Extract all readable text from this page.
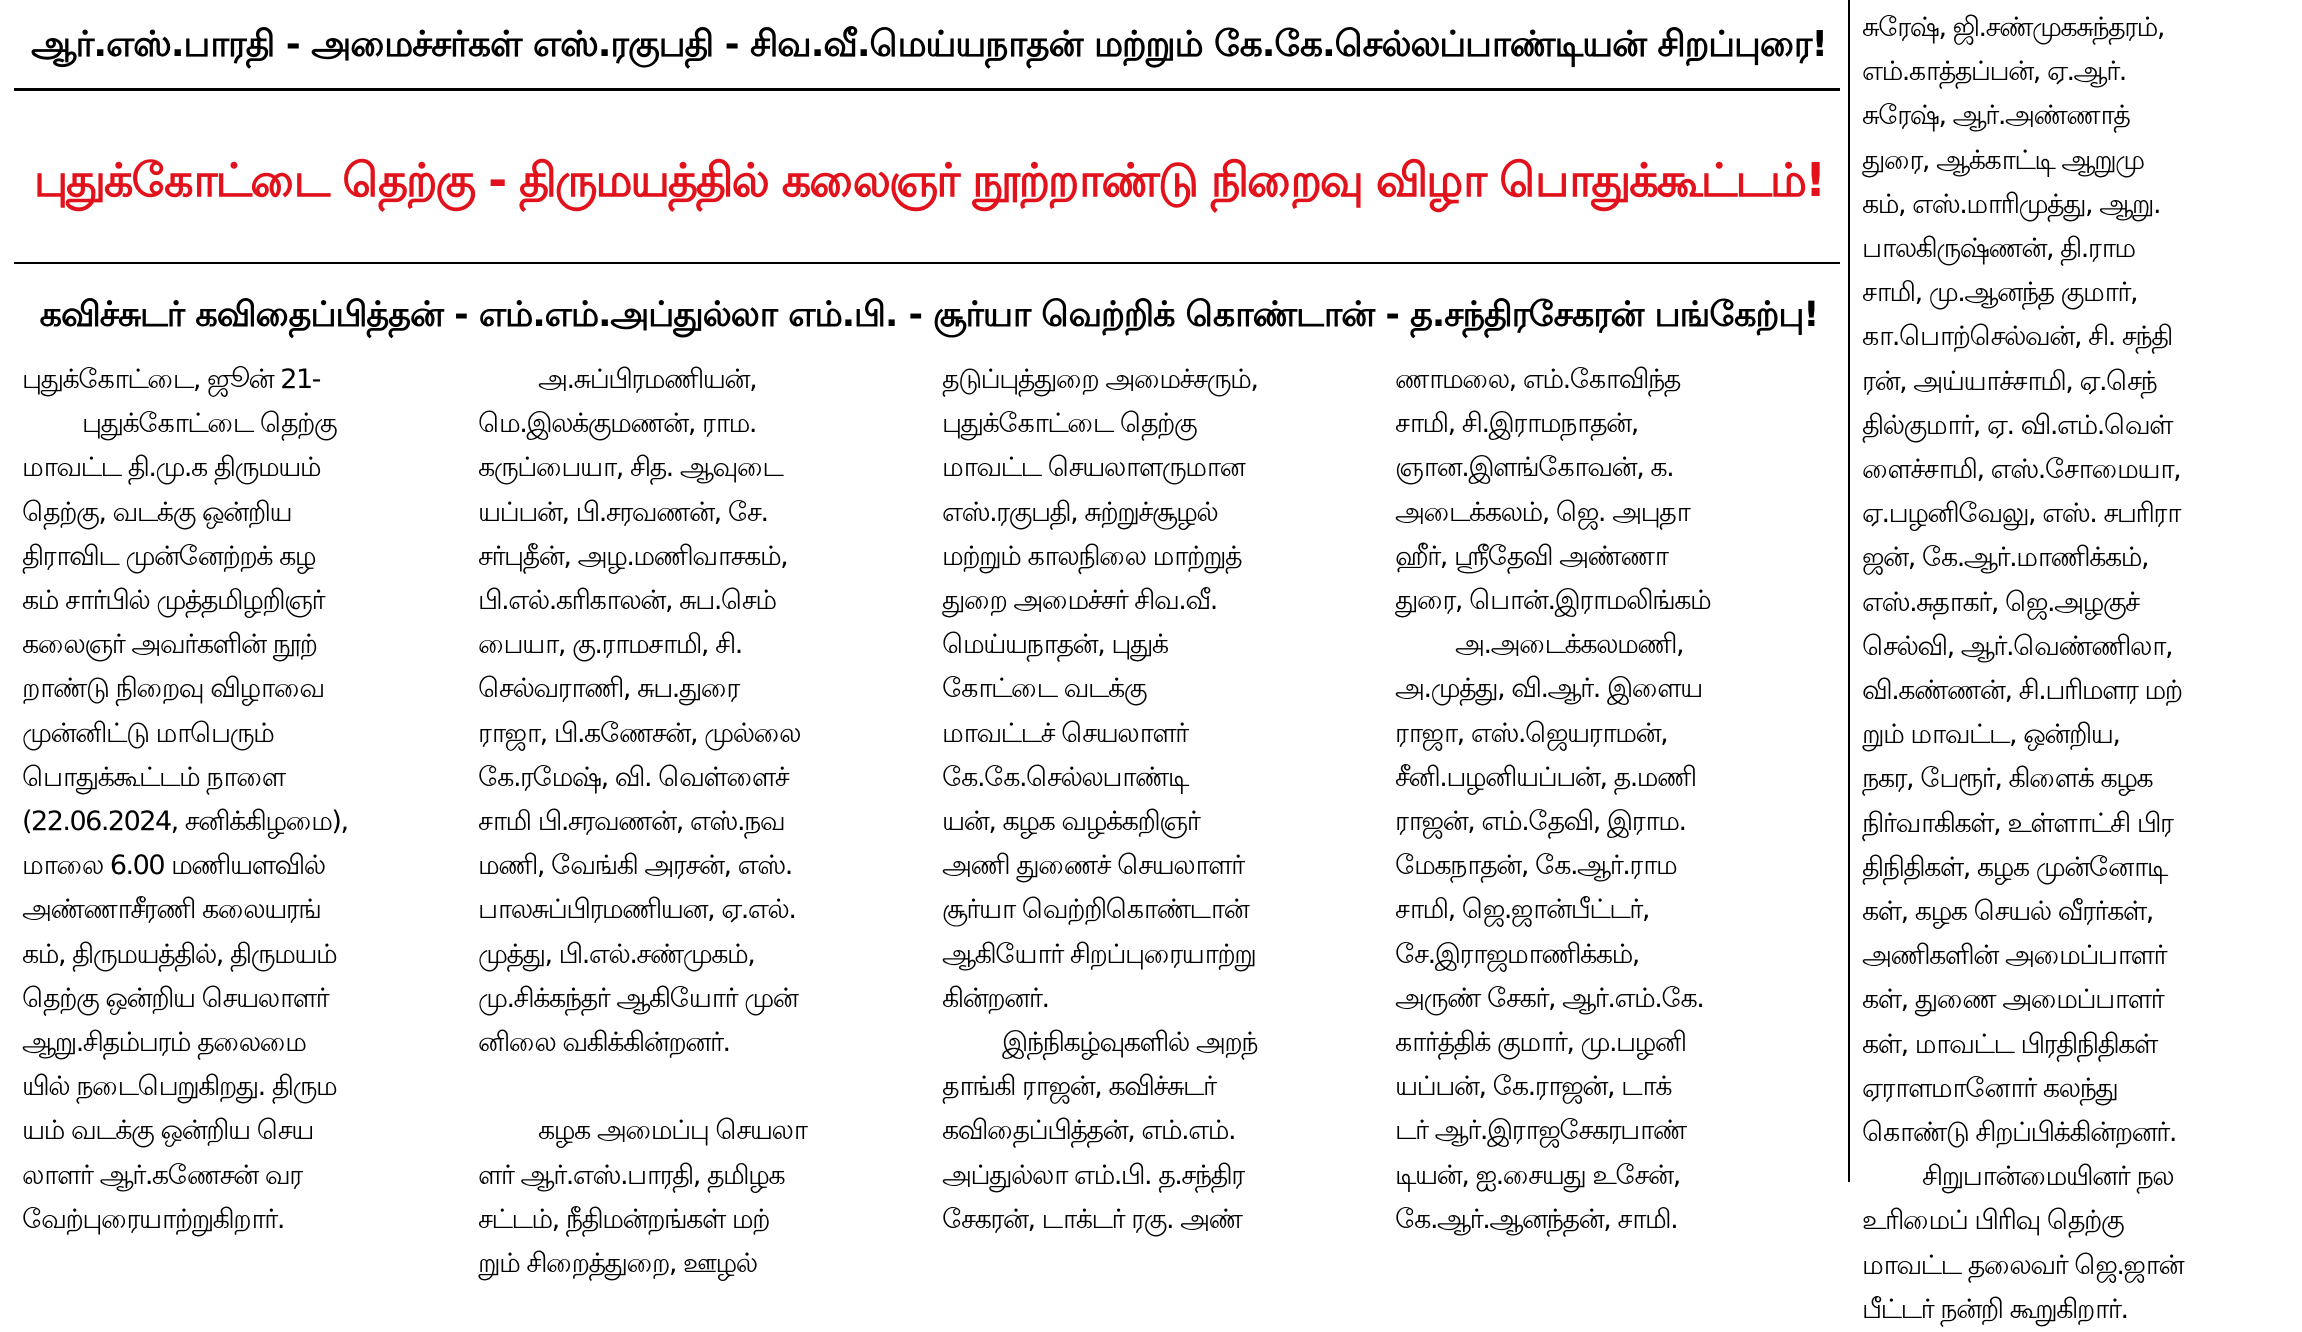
ஆர்.எஸ்.பாரதி - அமைச்சர்கள் எஸ்.ரகுபதி - சிவ.வீ.மெய்யநாதன் மற்றும் கே.கே.செல்லப்பாண்டியன் சிறப்புரை!
புதுக்கோட்டை தெற்கு - திருமயத்தில் கலைஞர் நூற்றாண்டு நிறைவு விழா பொதுக்கூட்டம்!
கவிச்சுடர் கவிதைப்பித்தன் - எம்.எம்.அப்துல்லா எம்.பி. - சூர்யா வெற்றிக் கொண்டான் - த.சந்திரசேகரன் பங்கேற்பு!
புதுக்கோட்டை, ஜூன் 21-
புதுக்கோட்டை தெற்கு
மாவட்ட தி.மு.க திருமயம்
தெற்கு, வடக்கு ஒன்றிய
திராவிட முன்னேற்றக் கழ
கம் சார்பில் முத்தமிழறிஞர்
கலைஞர் அவர்களின் நூற்
றாண்டு நிறைவு விழாவை
முன்னிட்டு மாபெரும்
பொதுக்கூட்டம் நாளை
(22.06.2024, சனிக்கிழமை),
மாலை 6.00 மணியளவில்
அண்ணாசீரணி கலையரங்
கம், திருமயத்தில், திருமயம்
தெற்கு ஒன்றிய செயலாளர்
ஆறு.சிதம்பரம் தலைமை
யில் நடைபெறுகிறது. திரும
யம் வடக்கு ஒன்றிய செய
லாளர் ஆர்.கணேசன் வர
வேற்புரையாற்றுகிறார்.
அ.சுப்பிரமணியன்,
மெ.இலக்குமணன், ராம.
கருப்பையா, சித. ஆவுடை
யப்பன், பி.சரவணன், சே.
சர்புதீன், அழ.மணிவாசகம்,
பி.எல்.கரிகாலன், சுப.செம்
பையா, கு.ராமசாமி, சி.
செல்வராணி, சுப.துரை
ராஜா, பி.கணேசன், முல்லை
கே.ரமேஷ், வி. வெள்ளைச்
சாமி பி.சரவணன், எஸ்.நவ
மணி, வேங்கி அரசன், எஸ்.
பாலசுப்பிரமணியன, ஏ.எல்.
முத்து, பி.எல்.சண்முகம்,
மு.சிக்கந்தர் ஆகியோர் முன்
னிலை வகிக்கின்றனர்.

கழக அமைப்பு செயலா
ளர் ஆர்.எஸ்.பாரதி, தமிழக
சட்டம், நீதிமன்றங்கள் மற்
றும் சிறைத்துறை, ஊழல்
தடுப்புத்துறை அமைச்சரும்,
புதுக்கோட்டை தெற்கு
மாவட்ட செயலாளருமான
எஸ்.ரகுபதி, சுற்றுச்சூழல்
மற்றும் காலநிலை மாற்றுத்
துறை அமைச்சர் சிவ.வீ.
மெய்யநாதன், புதுக்
கோட்டை வடக்கு
மாவட்டச் செயலாளர்
கே.கே.செல்லபாண்டி
யன், கழக வழக்கறிஞர்
அணி துணைச் செயலாளர்
சூர்யா வெற்றிகொண்டான்
ஆகியோர் சிறப்புரையாற்று
கின்றனர்.
இந்நிகழ்வுகளில் அறந்
தாங்கி ராஜன், கவிச்சுடர்
கவிதைப்பித்தன், எம்.எம்.
அப்துல்லா எம்.பி. த.சந்திர
சேகரன், டாக்டர் ரகு. அண்
ணாமலை, எம்.கோவிந்த
சாமி, சி.இராமநாதன்,
ஞான.இளங்கோவன், க.
அடைக்கலம், ஜெ. அபுதா
ஹீர், ஸ்ரீதேவி அண்ணா
துரை, பொன்.இராமலிங்கம்
அ.அடைக்கலமணி,
அ.முத்து, வி.ஆர். இளைய
ராஜா, எஸ்.ஜெயராமன்,
சீனி.பழனியப்பன், த.மணி
ராஜன், எம்.தேவி, இராம.
மேகநாதன், கே.ஆர்.ராம
சாமி, ஜெ.ஜான்பீட்டர்,
சே.இராஜமாணிக்கம்,
அருண் சேகர், ஆர்.எம்.கே.
கார்த்திக் குமார், மு.பழனி
யப்பன், கே.ராஜன், டாக்
டர் ஆர்.இராஜசேகரபாண்
டியன், ஐ.சையது உசேன்,
கே.ஆர்.ஆனந்தன், சாமி.
சுரேஷ், ஜி.சண்முகசுந்தரம்,
எம்.காத்தப்பன், ஏ.ஆர்.
சுரேஷ், ஆர்.அண்ணாத்
துரை, ஆக்காட்டி ஆறுமு
கம், எஸ்.மாரிமுத்து, ஆறு.
பாலகிருஷ்ணன், தி.ராம
சாமி, மு.ஆனந்த குமார்,
கா.பொற்செல்வன், சி. சந்தி
ரன், அய்யாச்சாமி, ஏ.செந்
தில்குமார், ஏ. வி.எம்.வெள்
ளைச்சாமி, எஸ்.சோமையா,
ஏ.பழனிவேலு, எஸ். சபரிரா
ஜன், கே.ஆர்.மாணிக்கம்,
எஸ்.சுதாகர், ஜெ.அழகுச்
செல்வி, ஆர்.வெண்ணிலா,
வி.கண்ணன், சி.பரிமளர மற்
றும் மாவட்ட, ஒன்றிய,
நகர, பேரூர், கிளைக் கழக
நிர்வாகிகள், உள்ளாட்சி பிர
திநிதிகள், கழக முன்னோடி
கள், கழக செயல் வீரர்கள்,
அணிகளின் அமைப்பாளர்
கள், துணை அமைப்பாளர்
கள், மாவட்ட பிரதிநிதிகள்
ஏராளமானோர் கலந்து
கொண்டு சிறப்பிக்கின்றனர்.
சிறுபான்மையினர் நல
உரிமைப் பிரிவு தெற்கு
மாவட்ட தலைவர் ஜெ.ஜான்
பீட்டர் நன்றி கூறுகிறார்.
